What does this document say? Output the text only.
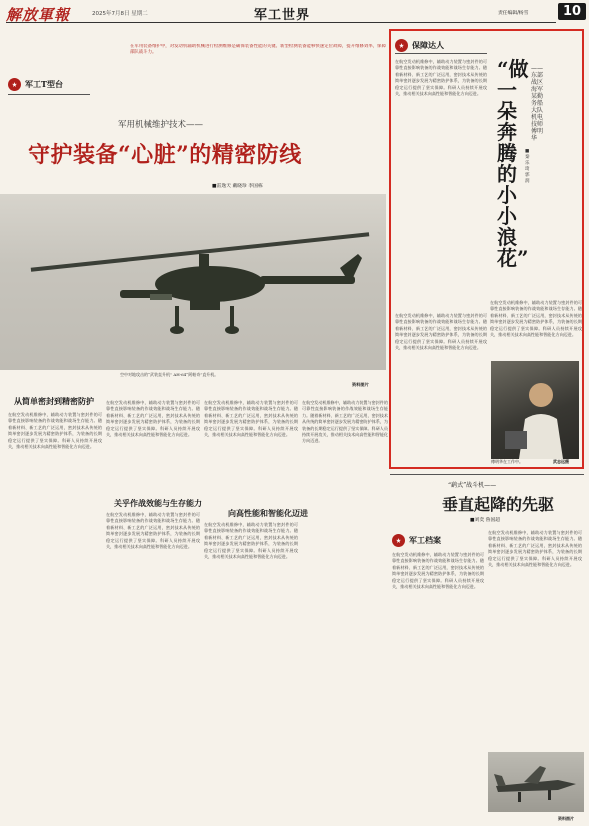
解放軍報	2025年7月8日 星期二	军工世界	责任编辑/杨雪	10
军工T型台
在军用装备维护中，对发动机辅助机械进行检测维修是确保装备性能的关键。新型检测装备能够快速定位故障，提升维修效率，保障部队战斗力。
军用机械维护技术——
守护装备“心脏”的精密防线
■雷逸天 戴晓珍 李国栋
空中对地攻击的“武装直升机” AH-64“阿帕奇”直升机。
资料图片
从简单密封到精密防护
关乎作战效能与生存能力
向高性能和智能化迈进
在航空发动机维修中，辅助动力装置与密封件的可靠性直接影响装备的作战效能和战场生存能力。随着新材料、新工艺的广泛运用，密封技术从传统的简单密封逐步发展为精密防护体系，为装备的长期稳定运行提供了坚实保障。科研人员持续开展攻关，推动相关技术向高性能和智能化方向迈进。
在航空发动机维修中，辅助动力装置与密封件的可靠性直接影响装备的作战效能和战场生存能力。随着新材料、新工艺的广泛运用，密封技术从传统的简单密封逐步发展为精密防护体系，为装备的长期稳定运行提供了坚实保障。科研人员持续开展攻关，推动相关技术向高性能和智能化方向迈进。
在航空发动机维修中，辅助动力装置与密封件的可靠性直接影响装备的作战效能和战场生存能力。随着新材料、新工艺的广泛运用，密封技术从传统的简单密封逐步发展为精密防护体系，为装备的长期稳定运行提供了坚实保障。科研人员持续开展攻关，推动相关技术向高性能和智能化方向迈进。
在航空发动机维修中，辅助动力装置与密封件的可靠性直接影响装备的作战效能和战场生存能力。随着新材料、新工艺的广泛运用，密封技术从传统的简单密封逐步发展为精密防护体系，为装备的长期稳定运行提供了坚实保障。科研人员持续开展攻关，推动相关技术向高性能和智能化方向迈进。
在航空发动机维修中，辅助动力装置与密封件的可靠性直接影响装备的作战效能和战场生存能力。随着新材料、新工艺的广泛运用，密封技术从传统的简单密封逐步发展为精密防护体系，为装备的长期稳定运行提供了坚实保障。科研人员持续开展攻关，推动相关技术向高性能和智能化方向迈进。
在航空发动机维修中，辅助动力装置与密封件的可靠性直接影响装备的作战效能和战场生存能力。随着新材料、新工艺的广泛运用，密封技术从传统的简单密封逐步发展为精密防护体系，为装备的长期稳定运行提供了坚实保障。科研人员持续开展攻关，推动相关技术向高性能和智能化方向迈进。
保障达人
在航空发动机维修中，辅助动力装置与密封件的可靠性直接影响装备的作战效能和战场生存能力。随着新材料、新工艺的广泛运用，密封技术从传统的简单密封逐步发展为精密防护体系，为装备的长期稳定运行提供了坚实保障。科研人员持续开展攻关，推动相关技术向高性能和智能化方向迈进。
在航空发动机维修中，辅助动力装置与密封件的可靠性直接影响装备的作战效能和战场生存能力。随着新材料、新工艺的广泛运用，密封技术从传统的简单密封逐步发展为精密防护体系，为装备的长期稳定运行提供了坚实保障。科研人员持续开展攻关，推动相关技术向高性能和智能化方向迈进。
“做一朵奔腾的小小浪花”
——东部战区海军某勤务船大队机电技师傅明华
■秦乐琦 郭润
傅明华在工作中。	武志远摄
在航空发动机维修中，辅助动力装置与密封件的可靠性直接影响装备的作战效能和战场生存能力。随着新材料、新工艺的广泛运用，密封技术从传统的简单密封逐步发展为精密防护体系，为装备的长期稳定运行提供了坚实保障。科研人员持续开展攻关，推动相关技术向高性能和智能化方向迈进。
“鹞式”战斗机——
垂直起降的先驱
■刘奕 鲁国超
军工档案
在航空发动机维修中，辅助动力装置与密封件的可靠性直接影响装备的作战效能和战场生存能力。随着新材料、新工艺的广泛运用，密封技术从传统的简单密封逐步发展为精密防护体系，为装备的长期稳定运行提供了坚实保障。科研人员持续开展攻关，推动相关技术向高性能和智能化方向迈进。
在航空发动机维修中，辅助动力装置与密封件的可靠性直接影响装备的作战效能和战场生存能力。随着新材料、新工艺的广泛运用，密封技术从传统的简单密封逐步发展为精密防护体系，为装备的长期稳定运行提供了坚实保障。科研人员持续开展攻关，推动相关技术向高性能和智能化方向迈进。
资料图片
